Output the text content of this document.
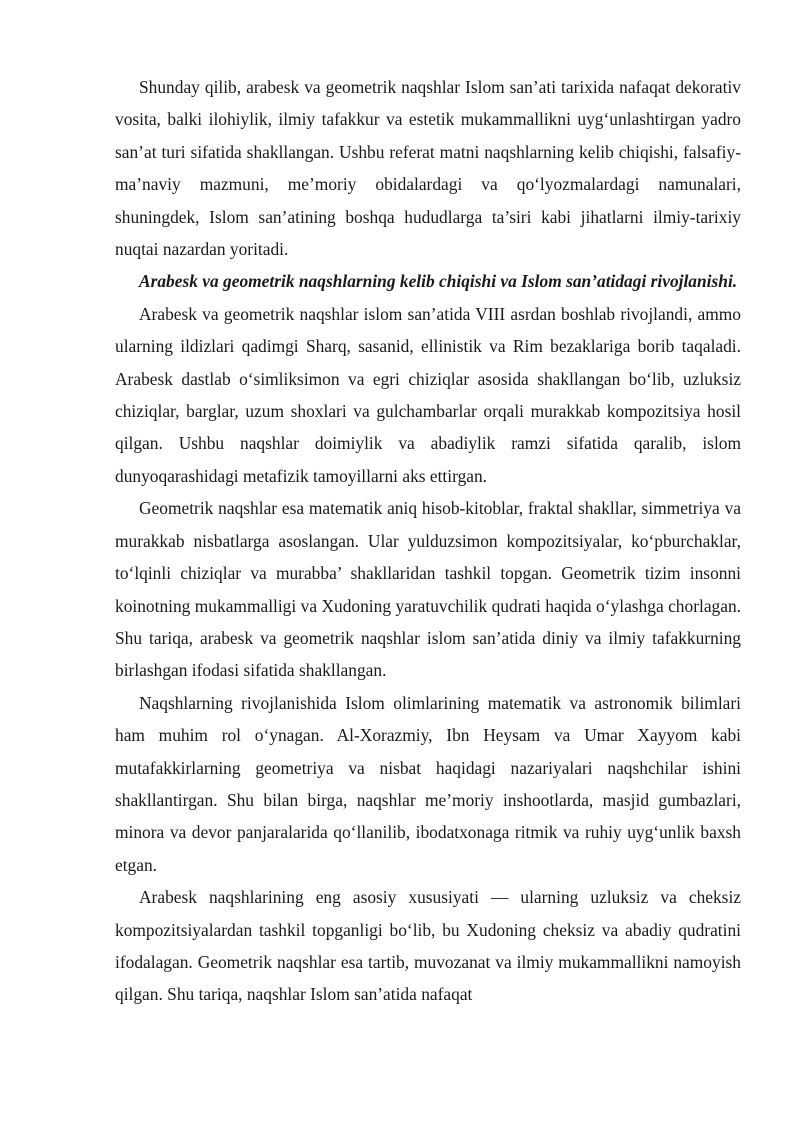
Shunday qilib, arabesk va geometrik naqshlar Islom san’ati tarixida nafaqat dekorativ vosita, balki ilohiylik, ilmiy tafakkur va estetik mukammallikni uyg‘unlashtirgan yadro san’at turi sifatida shakllangan. Ushbu referat matni naqshlarning kelib chiqishi, falsafiy-ma’naviy mazmuni, me’moriy obidalardagi va qo‘lyozmalardagi namunalari, shuningdek, Islom san’atining boshqa hududlarga ta’siri kabi jihatlarni ilmiy-tarixiy nuqtai nazardan yoritadi.

Arabesk va geometrik naqshlarning kelib chiqishi va Islom san’atidagi rivojlanishi.

Arabesk va geometrik naqshlar islom san’atida VIII asrdan boshlab rivojlandi, ammo ularning ildizlari qadimgi Sharq, sasanid, ellinistik va Rim bezaklariga borib taqaladi. Arabesk dastlab o‘simliksimon va egri chiziqlar asosida shakllangan bo‘lib, uzluksiz chiziqlar, barglar, uzum shoxlari va gulchambarlar orqali murakkab kompozitsiya hosil qilgan. Ushbu naqshlar doimiylik va abadiylik ramzi sifatida qaralib, islom dunyoqarashidagi metafizik tamoyillarni aks ettirgan.

Geometrik naqshlar esa matematik aniq hisob-kitoblar, fraktal shakllar, simmetriya va murakkab nisbatlarga asoslangan. Ular yulduzsimon kompozitsiyalar, ko‘pburchaklar, to‘lqinli chiziqlar va murabba’ shakllaridan tashkil topgan. Geometrik tizim insonni koinotning mukammalligi va Xudoning yaratuvchilik qudrati haqida o‘ylashga chorlagan. Shu tariqa, arabesk va geometrik naqshlar islom san’atida diniy va ilmiy tafakkurning birlashgan ifodasi sifatida shakllangan.

Naqshlarning rivojlanishida Islom olimlarining matematik va astronomik bilimlari ham muhim rol o‘ynagan. Al-Xorazmiy, Ibn Heysam va Umar Xayyom kabi mutafakkirlarning geometriya va nisbat haqidagi nazariyalari naqshchilar ishini shakllantirgan. Shu bilan birga, naqshlar me’moriy inshootlarda, masjid gumbazlari, minora va devor panjaralarida qo‘llanilib, ibodatxonaga ritmik va ruhiy uyg‘unlik baxsh etgan.

Arabesk naqshlarining eng asosiy xususiyati — ularning uzluksiz va cheksiz kompozitsiyalardan tashkil topganligi bo‘lib, bu Xudoning cheksiz va abadiy qudratini ifodalagan. Geometrik naqshlar esa tartib, muvozanat va ilmiy mukammallikni namoyish qilgan. Shu tariqa, naqshlar Islom san’atida nafaqat
